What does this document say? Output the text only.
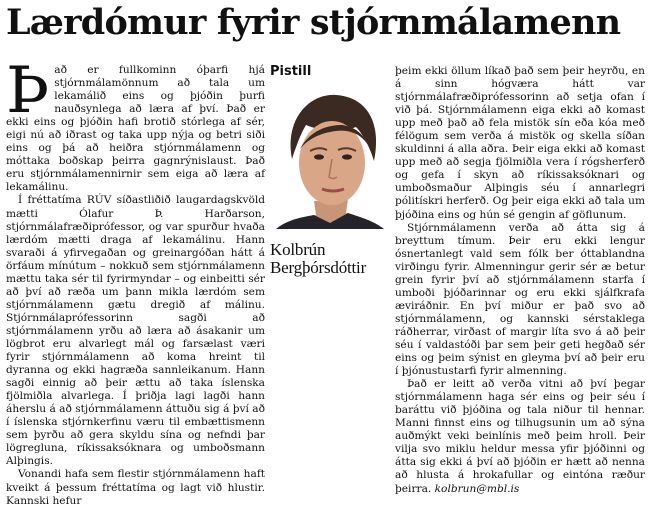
Lærdómur fyrir stjórnmálamenn

Það er fullkominn óþarfi hjá stjórnmálamönnum að tala um lekamálið eins og þjóðin þurfi nauðsynlega að læra af því. Það er ekki eins og þjóðin hafi brotið stórlega af sér, eigi nú að iðrast og taka upp nýja og betri siði eins og þá að heiðra stjórnmálamenn og móttaka boðskap þeirra gagnrýnislaust. Það eru stjórnmálamennirnir sem eiga að læra af lekamálinu.

Í fréttatíma RÚV síðastliðið laugardagskvöld mætti Ólafur Þ. Harðarson, stjórnmálafræðiprófessor, og var spurður hvaða lærdóm mætti draga af lekamálinu. Hann svaraði á yfirvegaðan og greinargóðan hátt á örfáum mínútum – nokkuð sem stjórnmálamenn mættu taka sér til fyrirmyndar – og einbeitti sér að því að ræða um þann mikla lærdóm sem stjórnmálamenn gætu dregið af málinu. Stjórnmálaprófessorinn sagði að stjórnmálamenn yrðu að læra að ásakanir um lögbrot eru alvarlegt mál og farsælast væri fyrir stjórnmálamenn að koma hreint til dyranna og ekki hagræða sannleikanum. Hann sagði einnig að þeir ættu að taka íslenska fjölmiðla alvarlega. Í þriðja lagi lagði hann áherslu á að stjórnmálamenn áttuðu sig á því að í íslenska stjórnkerfinu væru til embættismenn sem þyrðu að gera skyldu sína og nefndi þar lögregluna, ríkissaksóknara og umboðsmann Alþingis.

Vonandi hafa sem flestir stjórnmálamenn haft kveikt á þessum fréttatíma og lagt við hlustir. Kannski hefur

Pistill
Kolbrún
Bergþórsdóttir

þeim ekki öllum líkað það sem þeir heyrðu, en á sinn hógværa hátt var stjórnmálafræðiprófessorinn að setja ofan í við þá. Stjórnmálamenn eiga ekki að komast upp með það að fela mistök sín eða kóa með félögum sem verða á mistök og skella síðan skuldinni á alla aðra. Þeir eiga ekki að komast upp með að segja fjölmiðla vera í rógsherferð og gefa í skyn að ríkissaksóknari og umboðsmaður Alþingis séu í annarlegri pólitískri herferð. Og þeir eiga ekki að tala um þjóðina eins og hún sé gengin af göflunum.

Stjórnmálamenn verða að átta sig á breyttum tímum. Þeir eru ekki lengur ósnertanlegt vald sem fólk ber óttablandna virðingu fyrir. Almenningur gerir sér æ betur grein fyrir því að stjórnmálamenn starfa í umboði þjóðarinnar og eru ekki sjálfkrafa æviráðnir. En því miður er það svo að stjórnmálamenn, og kannski sérstaklega ráðherrar, virðast of margir líta svo á að þeir séu í valdastóði þar sem þeir geti hegðað sér eins og þeim sýnist en gleyma því að þeir eru í þjónustustarfi fyrir almenning.

Það er leitt að verða vitni að því þegar stjórnmálamenn haga sér eins og þeir séu í baráttu við þjóðina og tala niður til hennar. Manni finnst eins og tilhugsunin um að sýna auðmýkt veki beinlínis með þeim hroll. Þeir vilja svo miklu heldur messa yfir þjóðinni og átta sig ekki á því að þjóðin er hætt að nenna að hlusta á hrokafullar og eintóna ræður þeirra. kolbrun@mbl.is
